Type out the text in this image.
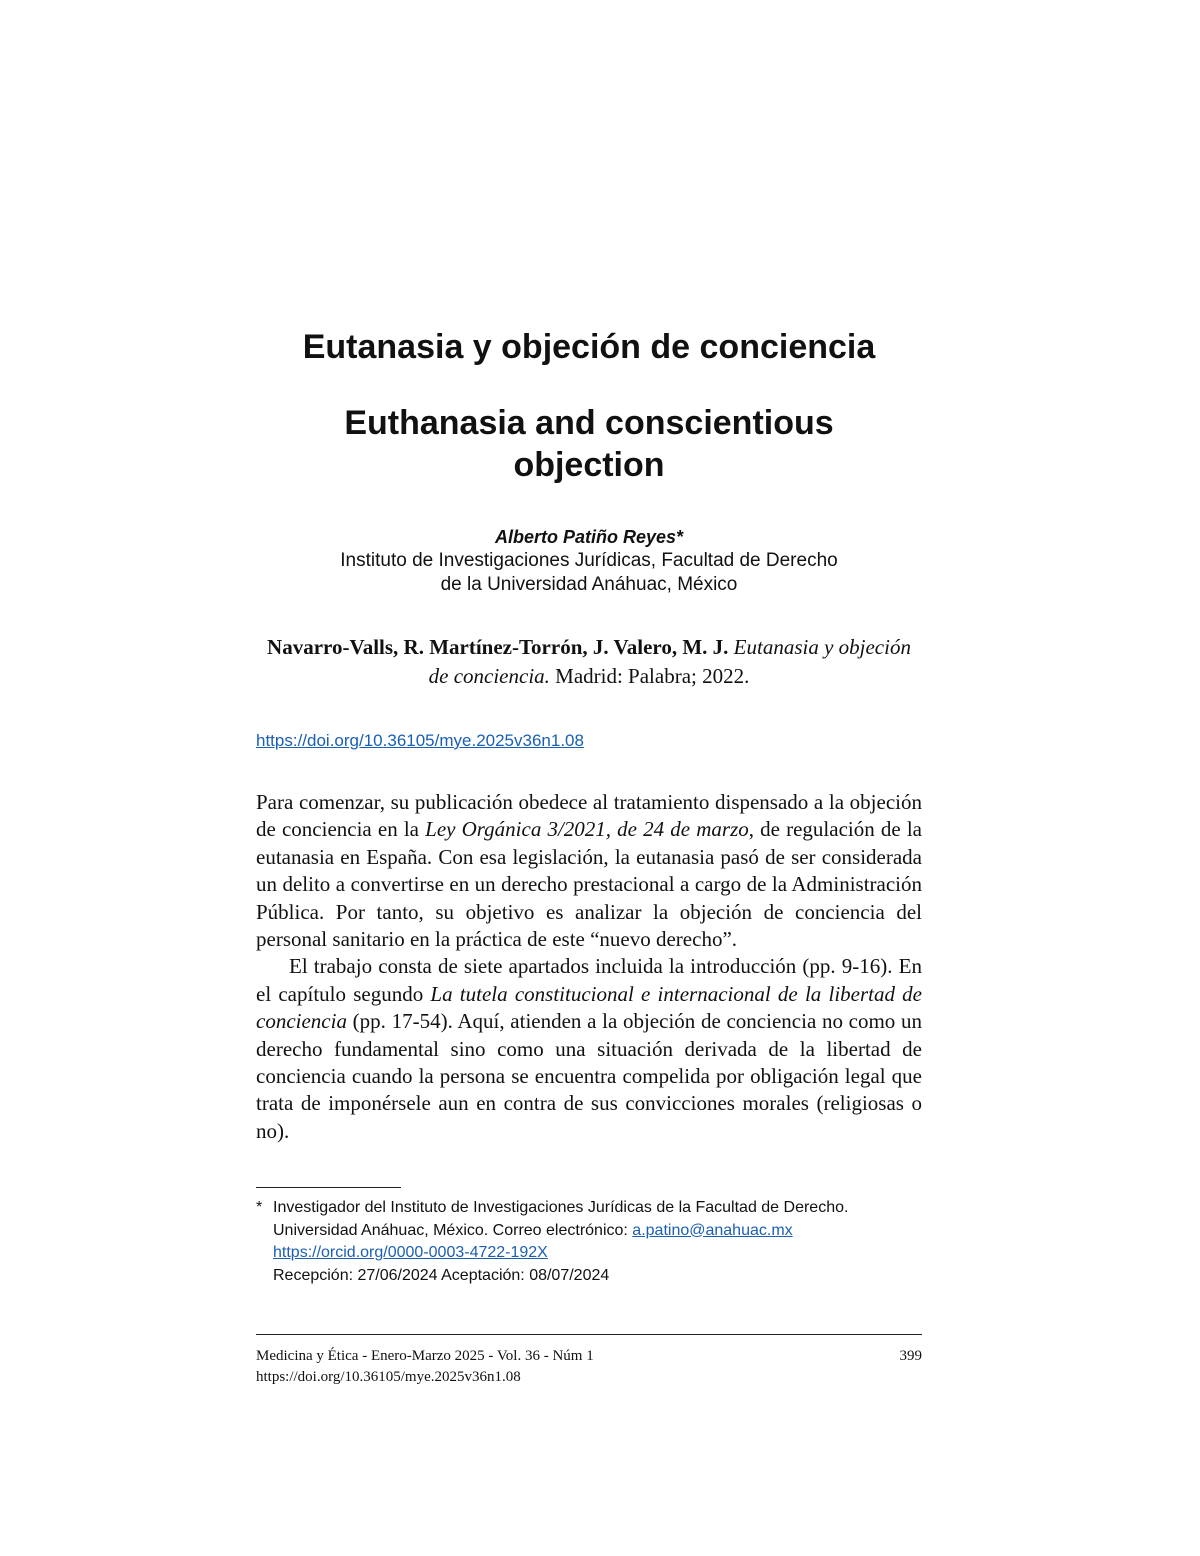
Eutanasia y objeción de conciencia
Euthanasia and conscientious
objection
Alberto Patiño Reyes*
Instituto de Investigaciones Jurídicas, Facultad de Derecho
de la Universidad Anáhuac, México
Navarro-Valls, R. Martínez-Torrón, J. Valero, M. J. Eutanasia y objeción de conciencia. Madrid: Palabra; 2022.
https://doi.org/10.36105/mye.2025v36n1.08

Para comenzar, su publicación obedece al tratamiento dispensado a la objeción de conciencia en la Ley Orgánica 3/2021, de 24 de marzo, de regulación de la eutanasia en España. Con esa legislación, la eutanasia pasó de ser considerada un delito a convertirse en un derecho prestacional a cargo de la Administración Pública. Por tanto, su objetivo es analizar la objeción de conciencia del personal sanitario en la práctica de este “nuevo derecho”.

El trabajo consta de siete apartados incluida la introducción (pp. 9-16). En el capítulo segundo La tutela constitucional e internacional de la libertad de conciencia (pp. 17-54). Aquí, atienden a la objeción de conciencia no como un derecho fundamental sino como una situación derivada de la libertad de conciencia cuando la persona se encuentra compelida por obligación legal que trata de imponérsele aun en contra de sus convicciones morales (religiosas o no).

* Investigador del Instituto de Investigaciones Jurídicas de la Facultad de Derecho.
Universidad Anáhuac, México. Correo electrónico: a.patino@anahuac.mx
https://orcid.org/0000-0003-4722-192X
Recepción: 27/06/2024 Aceptación: 08/07/2024
Medicina y Ética - Enero-Marzo 2025 - Vol. 36 - Núm 1	399
https://doi.org/10.36105/mye.2025v36n1.08
